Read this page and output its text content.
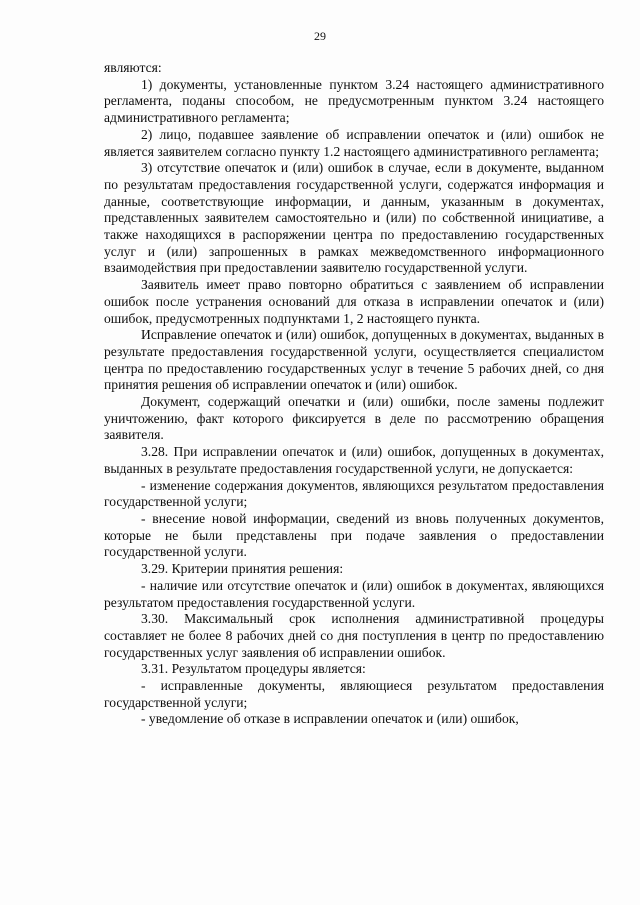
29

являются:

1) документы, установленные пунктом 3.24 настоящего административного регламента, поданы способом, не предусмотренным пунктом 3.24 настоящего административного регламента;

2) лицо, подавшее заявление об исправлении опечаток и (или) ошибок не является заявителем согласно пункту 1.2 настоящего административного регламента;

3) отсутствие опечаток и (или) ошибок в случае, если в документе, выданном по результатам предоставления государственной услуги, содержатся информация и данные, соответствующие информации, и данным, указанным в документах, представленных заявителем самостоятельно и (или) по собственной инициативе, а также находящихся в распоряжении центра по предоставлению государственных услуг и (или) запрошенных в рамках межведомственного информационного взаимодействия при предоставлении заявителю государственной услуги.

Заявитель имеет право повторно обратиться с заявлением об исправлении ошибок после устранения оснований для отказа в исправлении опечаток и (или) ошибок, предусмотренных подпунктами 1, 2 настоящего пункта.

Исправление опечаток и (или) ошибок, допущенных в документах, выданных в результате предоставления государственной услуги, осуществляется специалистом центра по предоставлению государственных услуг в течение 5 рабочих дней, со дня принятия решения об исправлении опечаток и (или) ошибок.

Документ, содержащий опечатки и (или) ошибки, после замены подлежит уничтожению, факт которого фиксируется в деле по рассмотрению обращения заявителя.

3.28. При исправлении опечаток и (или) ошибок, допущенных в документах, выданных в результате предоставления государственной услуги, не допускается:

- изменение содержания документов, являющихся результатом предоставления государственной услуги;

- внесение новой информации, сведений из вновь полученных документов, которые не были представлены при подаче заявления о предоставлении государственной услуги.

3.29. Критерии принятия решения:

- наличие или отсутствие опечаток и (или) ошибок в документах, являющихся результатом предоставления государственной услуги.

3.30. Максимальный срок исполнения административной процедуры составляет не более 8 рабочих дней со дня поступления в центр по предоставлению государственных услуг заявления об исправлении ошибок.

3.31. Результатом процедуры является:

- исправленные документы, являющиеся результатом предоставления государственной услуги;

- уведомление об отказе в исправлении опечаток и (или) ошибок,
